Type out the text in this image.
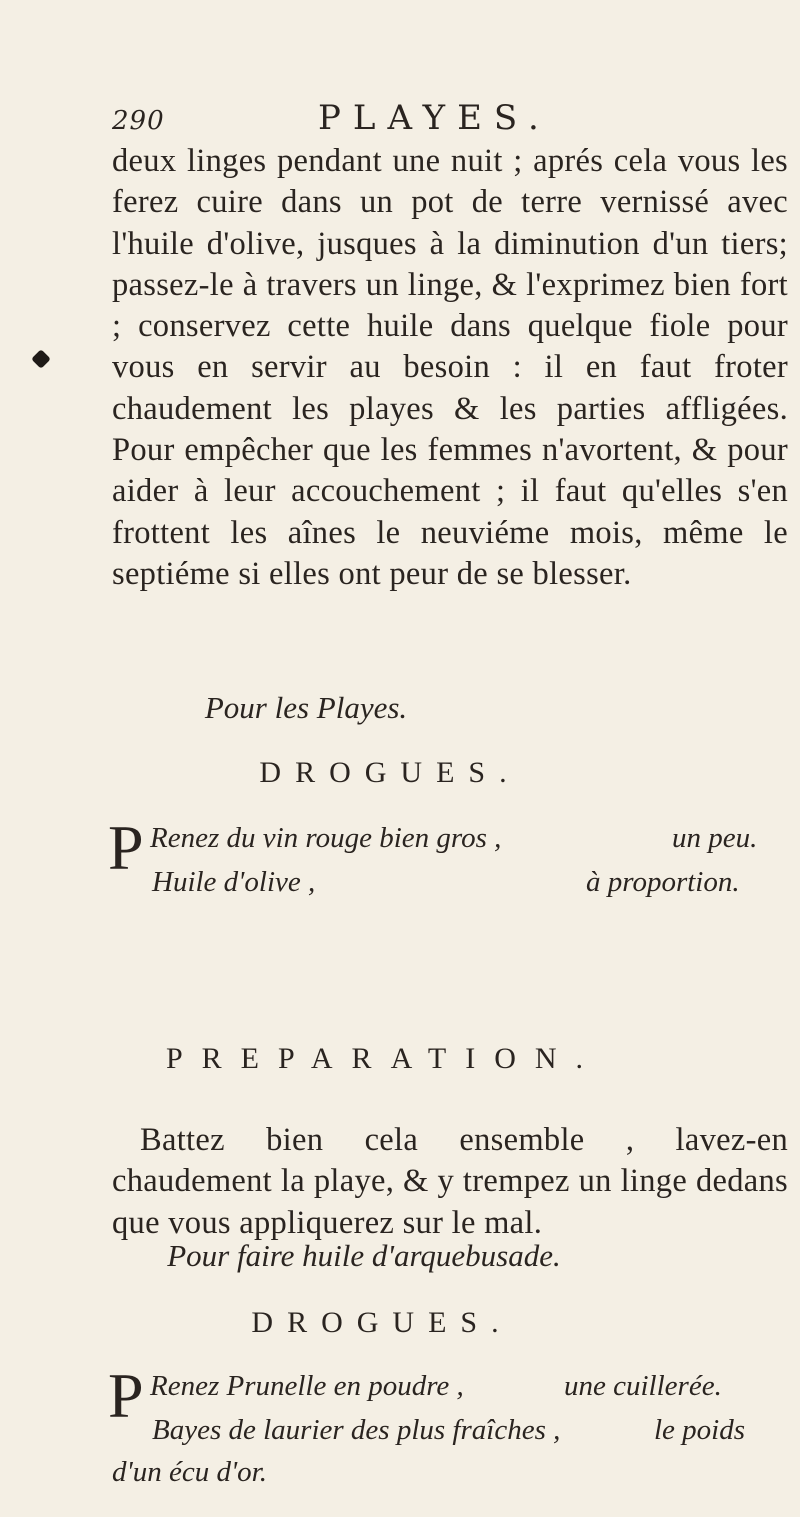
290	PLAYES.
deux linges pendant une nuit ; aprés cela vous les ferez cuire dans un pot de terre vernissé avec l'huile d'olive, jusques à la diminution d'un tiers; passez-le à travers un linge, & l'exprimez bien fort ; conservez cette huile dans quelque fiole pour vous en servir au besoin : il en faut froter chaudement les playes & les parties affligées. Pour empêcher que les femmes n'avortent, & pour aider à leur accouchement ; il faut qu'elles s'en frottent les aînes le neuviéme mois, même le septiéme si elles ont peur de se blesser.
Pour les Playes.
DROGUES.
P Renez du vin rouge bien gros ,	un peu.
Huile d'olive ,	à proportion.
PREPARATION.
Battez bien cela ensemble , lavez-en chaudement la playe, & y trempez un linge dedans que vous appliquerez sur le mal.
Pour faire huile d'arquebusade.
DROGUES.
P Renez Prunelle en poudre ,	une cuillerée.
Bayes de laurier des plus fraîches ,	le poids
d'un écu d'or.
